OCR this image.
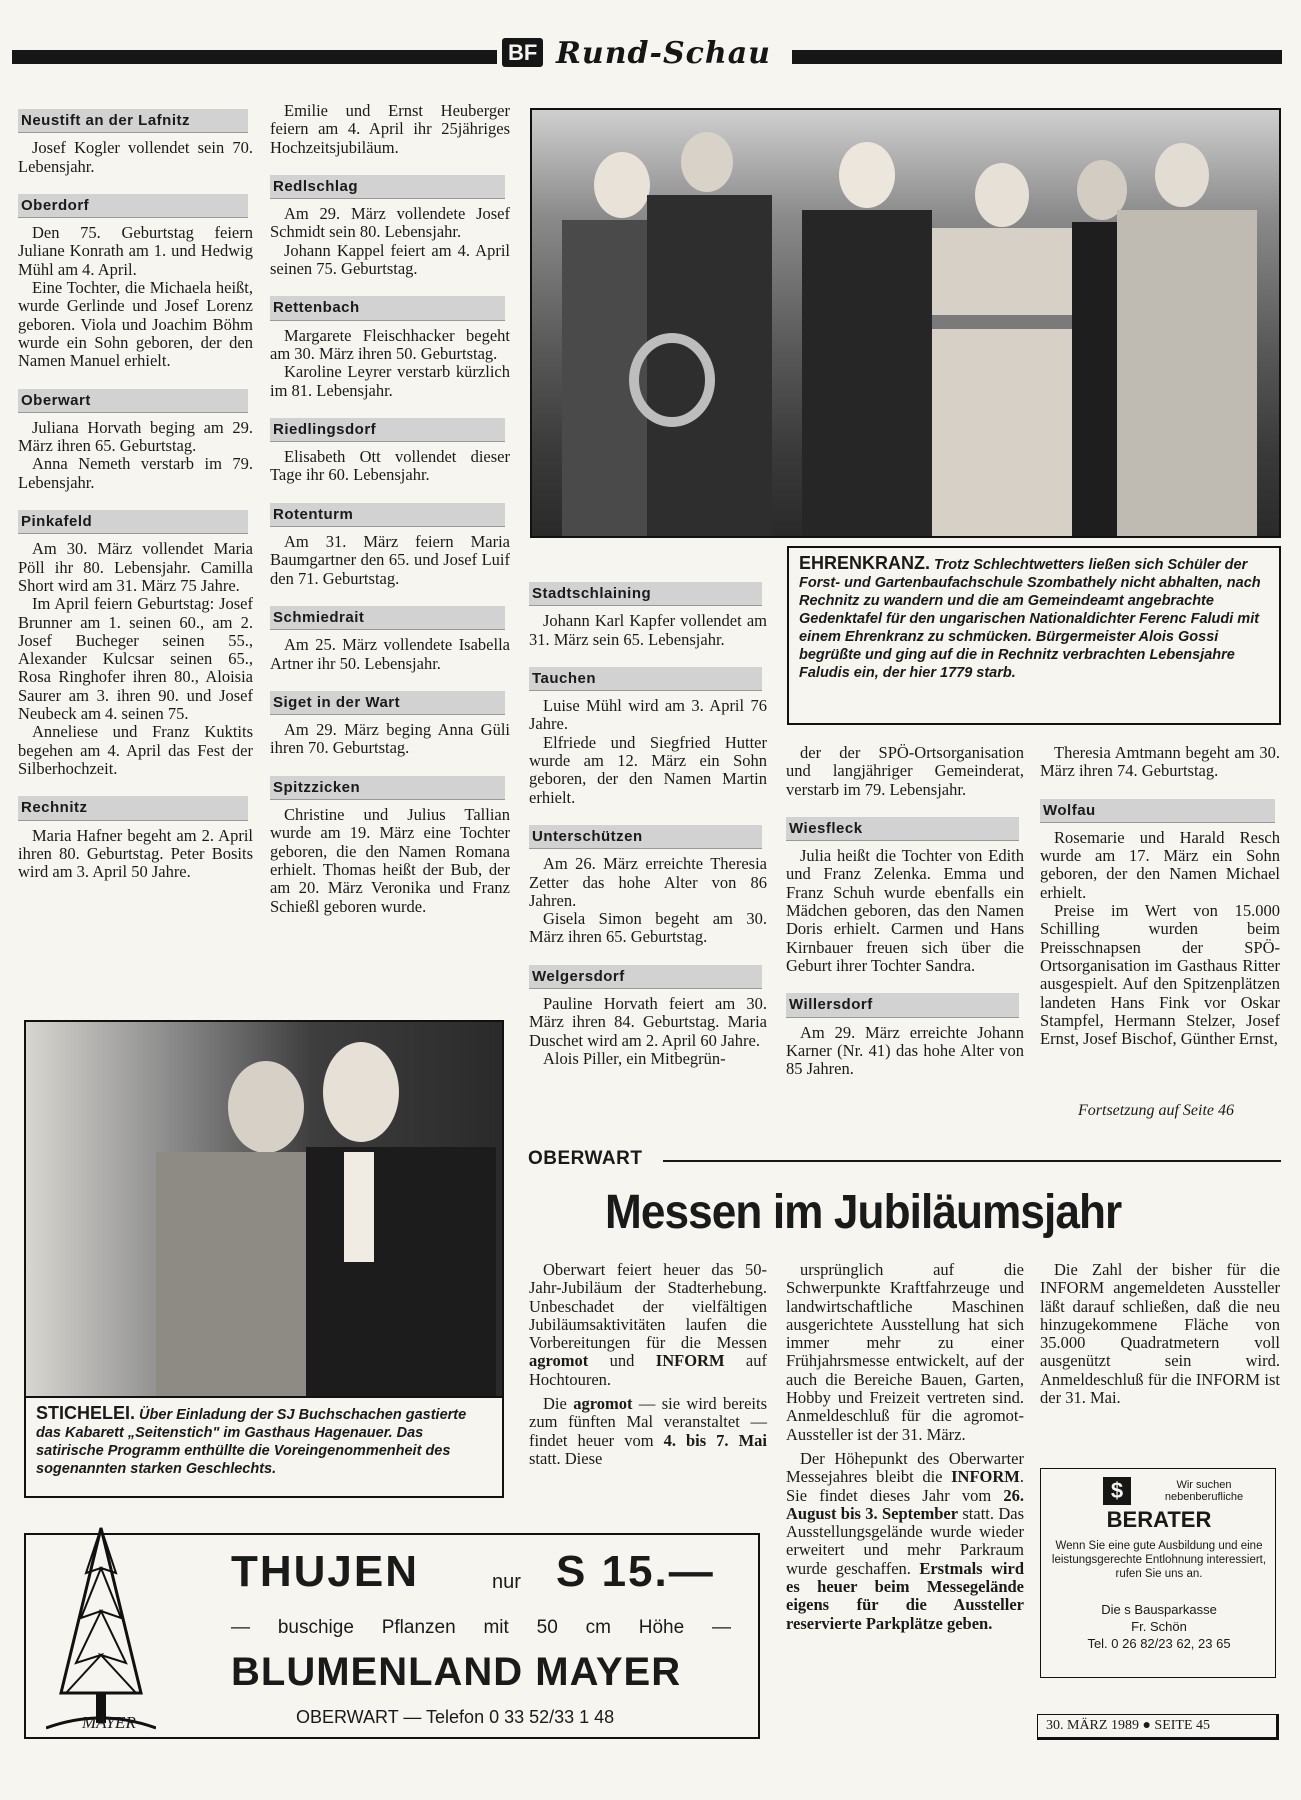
BF Rund-Schau
Neustift an der Lafnitz
Josef Kogler vollendet sein 70. Lebensjahr.
Oberdorf
Den 75. Geburtstag feiern Juliane Konrath am 1. und Hedwig Mühl am 4. April.
Eine Tochter, die Michaela heißt, wurde Gerlinde und Josef Lorenz geboren. Viola und Joachim Böhm wurde ein Sohn geboren, der den Namen Manuel erhielt.
Oberwart
Juliana Horvath beging am 29. März ihren 65. Geburtstag.
Anna Nemeth verstarb im 79. Lebensjahr.
Pinkafeld
Am 30. März vollendet Maria Pöll ihr 80. Lebensjahr. Camilla Short wird am 31. März 75 Jahre.
Im April feiern Geburtstag: Josef Brunner am 1. seinen 60., am 2. Josef Bucheger seinen 55., Alexander Kulcsar seinen 65., Rosa Ringhofer ihren 80., Aloisia Saurer am 3. ihren 90. und Josef Neubeck am 4. seinen 75.
Anneliese und Franz Kuktits begehen am 4. April das Fest der Silberhochzeit.
Rechnitz
Maria Hafner begeht am 2. April ihren 80. Geburtstag. Peter Bosits wird am 3. April 50 Jahre.
Emilie und Ernst Heuberger feiern am 4. April ihr 25jähriges Hochzeitsjubiläum.
Redlschlag
Am 29. März vollendete Josef Schmidt sein 80. Lebensjahr.
Johann Kappel feiert am 4. April seinen 75. Geburtstag.
Rettenbach
Margarete Fleischhacker begeht am 30. März ihren 50. Geburtstag.
Karoline Leyrer verstarb kürzlich im 81. Lebensjahr.
Riedlingsdorf
Elisabeth Ott vollendet dieser Tage ihr 60. Lebensjahr.
Rotenturm
Am 31. März feiern Maria Baumgartner den 65. und Josef Luif den 71. Geburtstag.
Schmiedrait
Am 25. März vollendete Isabella Artner ihr 50. Lebensjahr.
Siget in der Wart
Am 29. März beging Anna Güli ihren 70. Geburtstag.
Spitzzicken
Christine und Julius Tallian wurde am 19. März eine Tochter geboren, die den Namen Romana erhielt. Thomas heißt der Bub, der am 20. März Veronika und Franz Schießl geboren wurde.
Stadtschlaining
Johann Karl Kapfer vollendet am 31. März sein 65. Lebensjahr.
Tauchen
Luise Mühl wird am 3. April 76 Jahre.
Elfriede und Siegfried Hutter wurde am 12. März ein Sohn geboren, der den Namen Martin erhielt.
Unterschützen
Am 26. März erreichte Theresia Zetter das hohe Alter von 86 Jahren.
Gisela Simon begeht am 30. März ihren 65. Geburtstag.
Welgersdorf
Pauline Horvath feiert am 30. März ihren 84. Geburtstag. Maria Duschet wird am 2. April 60 Jahre.
Alois Piller, ein Mitbegrün-
der der SPÖ-Ortsorganisation und langjähriger Gemeinderat, verstarb im 79. Lebensjahr.
Wiesfleck
Julia heißt die Tochter von Edith und Franz Zelenka. Emma und Franz Schuh wurde ebenfalls ein Mädchen geboren, das den Namen Doris erhielt. Carmen und Hans Kirnbauer freuen sich über die Geburt ihrer Tochter Sandra.
Willersdorf
Am 29. März erreichte Johann Karner (Nr. 41) das hohe Alter von 85 Jahren.
Theresia Amtmann begeht am 30. März ihren 74. Geburtstag.
Wolfau
Rosemarie und Harald Resch wurde am 17. März ein Sohn geboren, der den Namen Michael erhielt.
Preise im Wert von 15.000 Schilling wurden beim Preisschnapsen der SPÖ-Ortsorganisation im Gasthaus Ritter ausgespielt. Auf den Spitzenplätzen landeten Hans Fink vor Oskar Stampfel, Hermann Stelzer, Josef Ernst, Josef Bischof, Günther Ernst,
Fortsetzung auf Seite 46
EHRENKRANZ. Trotz Schlechtwetters ließen sich Schüler der Forst- und Gartenbaufachschule Szombathely nicht abhalten, nach Rechnitz zu wandern und die am Gemeindeamt angebrachte Gedenktafel für den ungarischen Nationaldichter Ferenc Faludi mit einem Ehrenkranz zu schmücken. Bürgermeister Alois Gossi begrüßte und ging auf die in Rechnitz verbrachten Lebensjahre Faludis ein, der hier 1779 starb.
STICHELEI. Über Einladung der SJ Buchschachen gastierte das Kabarett „Seitenstich" im Gasthaus Hagenauer. Das satirische Programm enthüllte die Voreingenommenheit des sogenannten starken Geschlechts.
OBERWART
Messen im Jubiläumsjahr
Oberwart feiert heuer das 50-Jahr-Jubiläum der Stadterhebung. Unbeschadet der vielfältigen Jubiläumsaktivitäten laufen die Vorbereitungen für die Messen agromot und INFORM auf Hochtouren.
Die agromot — sie wird bereits zum fünften Mal veranstaltet — findet heuer vom 4. bis 7. Mai statt. Diese
ursprünglich auf die Schwerpunkte Kraftfahrzeuge und landwirtschaftliche Maschinen ausgerichtete Ausstellung hat sich immer mehr zu einer Frühjahrsmesse entwickelt, auf der auch die Bereiche Bauen, Garten, Hobby und Freizeit vertreten sind. Anmeldeschluß für die agromot-Aussteller ist der 31. März.
Der Höhepunkt des Oberwarter Messejahres bleibt die INFORM. Sie findet dieses Jahr vom 26. August bis 3. September statt. Das Ausstellungsgelände wurde wieder erweitert und mehr Parkraum wurde geschaffen. Erstmals wird es heuer beim Messegelände eigens für die Aussteller reservierte Parkplätze geben.
Die Zahl der bisher für die INFORM angemeldeten Aussteller läßt darauf schließen, daß die neu hinzugekommene Fläche von 35.000 Quadratmetern voll ausgenützt sein wird. Anmeldeschluß für die INFORM ist der 31. Mai.
MAYER
THUJEN	nur S 15.—
— buschige Pflanzen mit 50 cm Höhe —
BLUMENLAND MAYER
OBERWART — Telefon 0 33 52/33 1 48
$	Wir suchen nebenberufliche
BERATER
Wenn Sie eine gute Ausbildung und eine leistungsgerechte Entlohnung interessiert, rufen Sie uns an.
Die s Bausparkasse
Fr. Schön
Tel. 0 26 82/23 62, 23 65
30. MÄRZ 1989 ● SEITE 45
